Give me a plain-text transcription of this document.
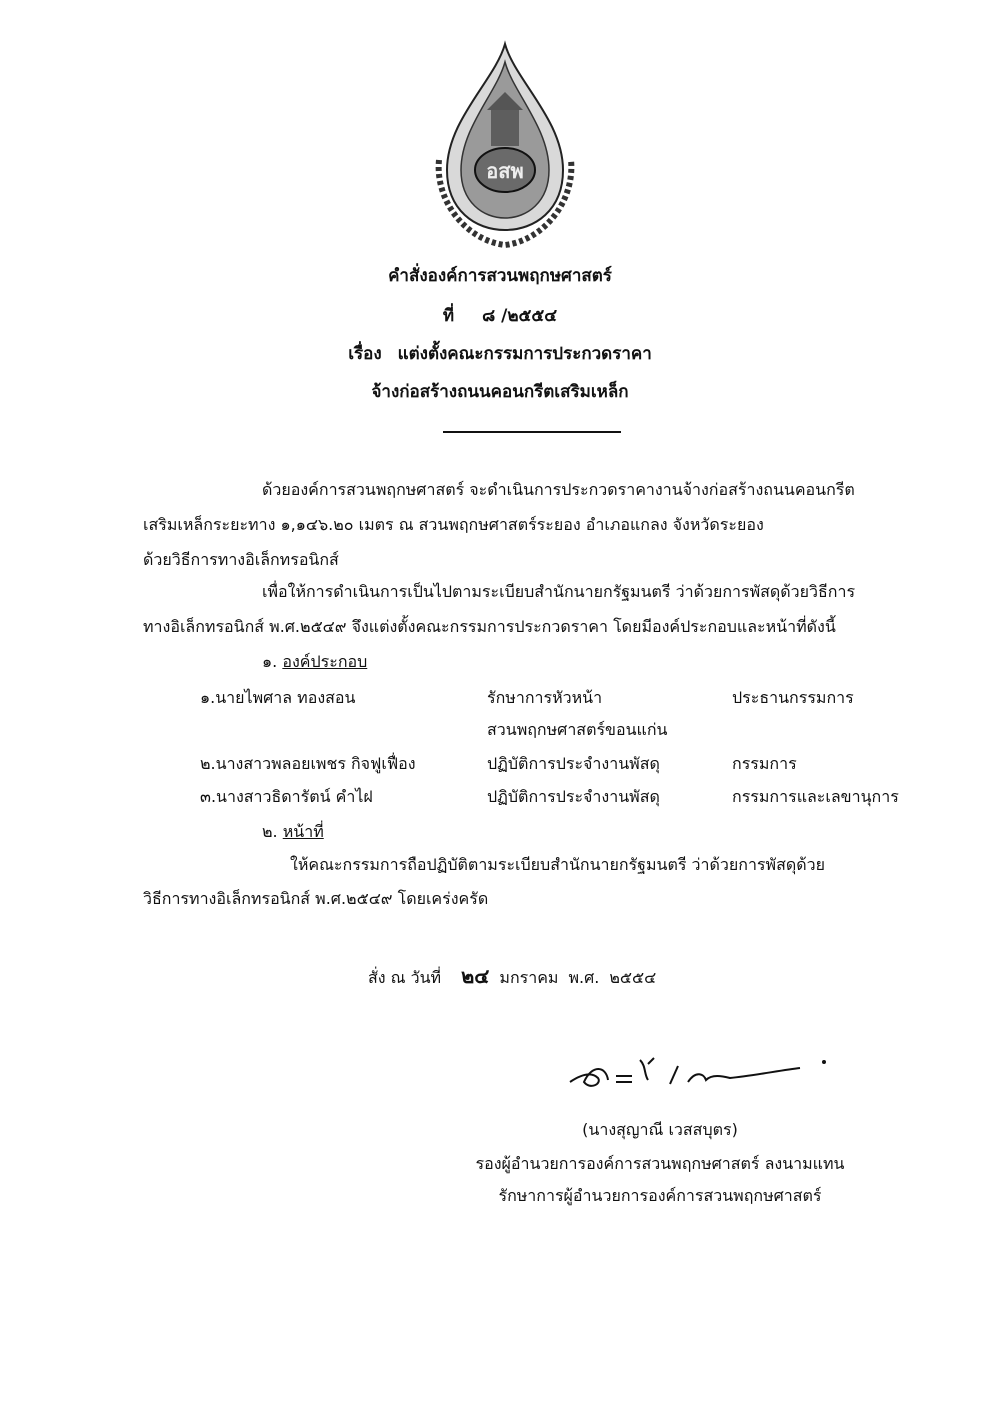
อสพ
คำสั่งองค์การสวนพฤกษศาสตร์
ที่ ๘ /๒๕๕๔
เรื่อง แต่งตั้งคณะกรรมการประกวดราคา
จ้างก่อสร้างถนนคอนกรีตเสริมเหล็ก
ด้วยองค์การสวนพฤกษศาสตร์ จะดำเนินการประกวดราคางานจ้างก่อสร้างถนนคอนกรีต
เสริมเหล็กระยะทาง ๑,๑๔๖.๒๐ เมตร ณ สวนพฤกษศาสตร์ระยอง อำเภอแกลง จังหวัดระยอง
ด้วยวิธีการทางอิเล็กทรอนิกส์
เพื่อให้การดำเนินการเป็นไปตามระเบียบสำนักนายกรัฐมนตรี ว่าด้วยการพัสดุด้วยวิธีการ
ทางอิเล็กทรอนิกส์ พ.ศ.๒๕๔๙ จึงแต่งตั้งคณะกรรมการประกวดราคา โดยมีองค์ประกอบและหน้าที่ดังนี้
๑. องค์ประกอบ
๑.นายไพศาล ทองสอน	รักษาการหัวหน้า	ประธานกรรมการ
สวนพฤกษศาสตร์ขอนแก่น
๒.นางสาวพลอยเพชร กิจฟูเฟื่อง	ปฏิบัติการประจำงานพัสดุ	กรรมการ
๓.นางสาวธิดารัตน์ คำไฝ	ปฏิบัติการประจำงานพัสดุ	กรรมการและเลขานุการ
๒. หน้าที่
ให้คณะกรรมการถือปฏิบัติตามระเบียบสำนักนายกรัฐมนตรี ว่าด้วยการพัสดุด้วย
วิธีการทางอิเล็กทรอนิกส์ พ.ศ.๒๕๔๙ โดยเคร่งครัด
สั่ง ณ วันที่ ๒๔ มกราคม พ.ศ. ๒๕๕๔
(นางสุญาณี เวสสบุตร)
รองผู้อำนวยการองค์การสวนพฤกษศาสตร์ ลงนามแทน
รักษาการผู้อำนวยการองค์การสวนพฤกษศาสตร์
